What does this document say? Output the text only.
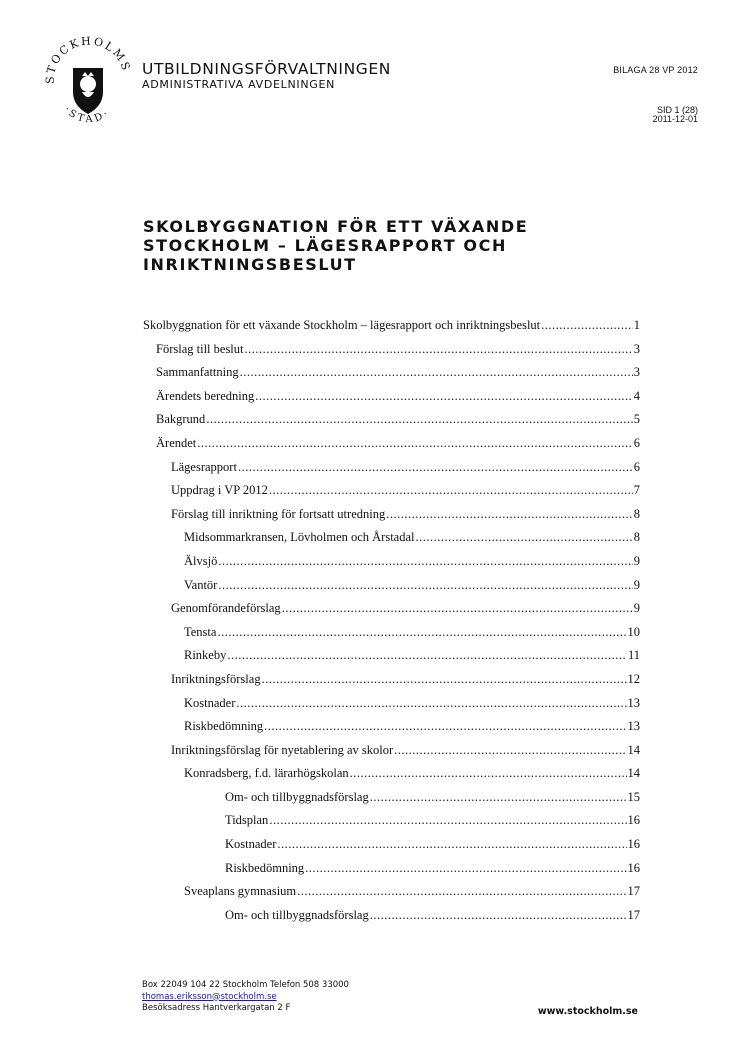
STOCKHOLMS
·STAD·
UTBILDNINGSFÖRVALTNINGEN
ADMINISTRATIVA AVDELNINGEN
BILAGA 28 VP 2012
SID 1 (28)
2011-12-01
SKOLBYGGNATION FÖR ETT VÄXANDE
STOCKHOLM – LÄGESRAPPORT OCH
INRIKTNINGSBESLUT
Skolbyggnation för ett växande Stockholm – lägesrapport och inriktningsbeslut .....	1
Förslag till beslut .....	3
Sammanfattning .....	3
Ärendets beredning .....	4
Bakgrund .....	5
Ärendet .....	6
Lägesrapport .....	6
Uppdrag i VP 2012 .....	7
Förslag till inriktning för fortsatt utredning .....	8
Midsommarkransen, Lövholmen och Årstadal .....	8
Älvsjö .....	9
Vantör .....	9
Genomförandeförslag .....	9
Tensta .....	10
Rinkeby .....	11
Inriktningsförslag .....	12
Kostnader .....	13
Riskbedömning .....	13
Inriktningsförslag för nyetablering av skolor .....	14
Konradsberg, f.d. lärarhögskolan .....	14
Om- och tillbyggnadsförslag .....	15
Tidsplan .....	16
Kostnader .....	16
Riskbedömning .....	16
Sveaplans gymnasium .....	17
Om- och tillbyggnadsförslag .....	17
Box 22049 104 22 Stockholm Telefon 508 33000
thomas.eriksson@stockholm.se
Besöksadress Hantverkargatan 2 F	www.stockholm.se
